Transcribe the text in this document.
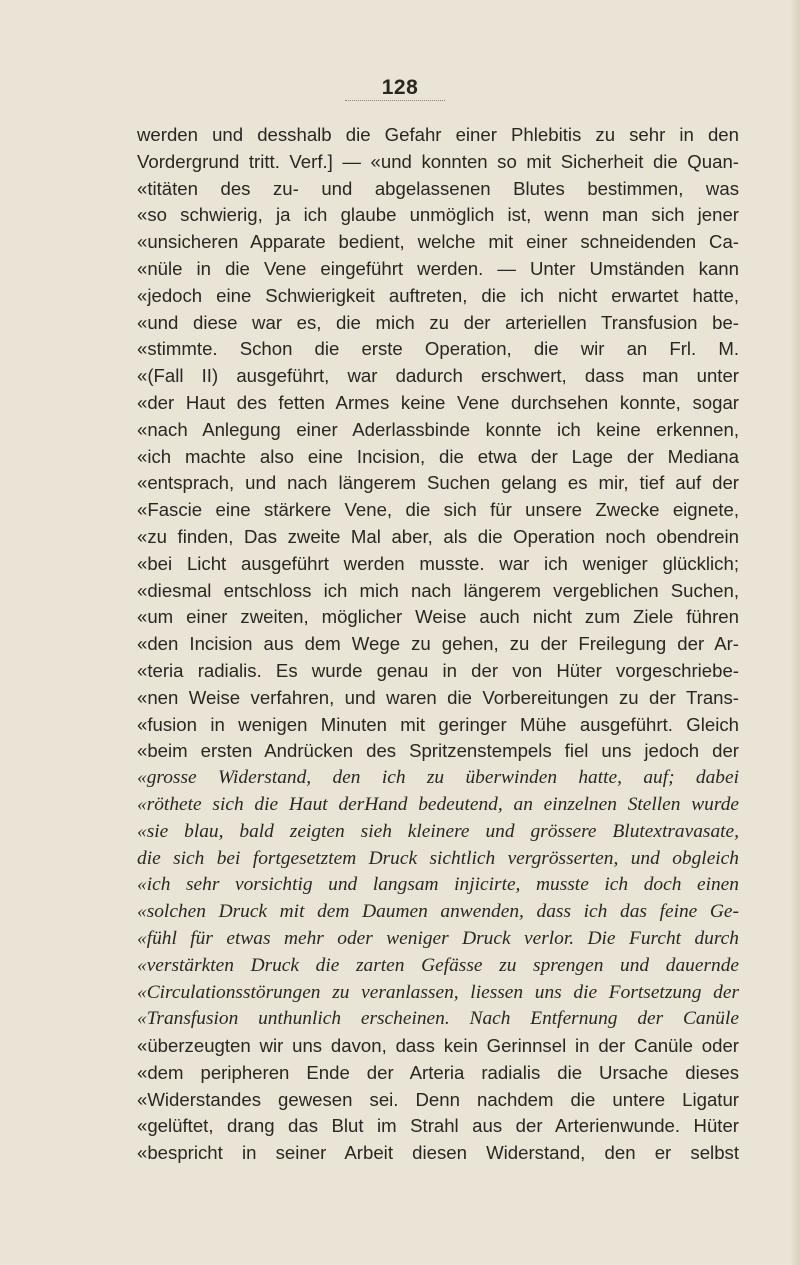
128
werden und desshalb die Gefahr einer Phlebitis zu sehr in den
Vordergrund tritt. Verf.] — «und konnten so mit Sicherheit die Quan-
«titäten des zu- und abgelassenen Blutes bestimmen, was
«so schwierig, ja ich glaube unmöglich ist, wenn man sich jener
«unsicheren Apparate bedient, welche mit einer schneidenden Ca-
«nüle in die Vene eingeführt werden. — Unter Umständen kann
«jedoch eine Schwierigkeit auftreten, die ich nicht erwartet hatte,
«und diese war es, die mich zu der arteriellen Transfusion be-
«stimmte. Schon die erste Operation, die wir an Frl. M.
«(Fall II) ausgeführt, war dadurch erschwert, dass man unter
«der Haut des fetten Armes keine Vene durchsehen konnte, sogar
«nach Anlegung einer Aderlassbinde konnte ich keine erkennen,
«ich machte also eine Incision, die etwa der Lage der Mediana
«entsprach, und nach längerem Suchen gelang es mir, tief auf der
«Fascie eine stärkere Vene, die sich für unsere Zwecke eignete,
«zu finden, Das zweite Mal aber, als die Operation noch obendrein
«bei Licht ausgeführt werden musste. war ich weniger glücklich;
«diesmal entschloss ich mich nach längerem vergeblichen Suchen,
«um einer zweiten, möglicher Weise auch nicht zum Ziele führen
«den Incision aus dem Wege zu gehen, zu der Freilegung der Ar-
«teria radialis. Es wurde genau in der von Hüter vorgeschriebe-
«nen Weise verfahren, und waren die Vorbereitungen zu der Trans-
«fusion in wenigen Minuten mit geringer Mühe ausgeführt. Gleich
«beim ersten Andrücken des Spritzenstempels fiel uns jedoch der
«grosse Widerstand, den ich zu überwinden hatte, auf; dabei
«röthete sich die Haut derHand bedeutend, an einzelnen Stellen wurde
«sie blau, bald zeigten sieh kleinere und grössere Blutextravasate,
die sich bei fortgesetztem Druck sichtlich vergrösserten, und obgleich
«ich sehr vorsichtig und langsam injicirte, musste ich doch einen
«solchen Druck mit dem Daumen anwenden, dass ich das feine Ge-
«fühl für etwas mehr oder weniger Druck verlor. Die Furcht durch
«verstärkten Druck die zarten Gefässe zu sprengen und dauernde
«Circulationsstörungen zu veranlassen, liessen uns die Fortsetzung der
«Transfusion unthunlich erscheinen. Nach Entfernung der Canüle
«überzeugten wir uns davon, dass kein Gerinnsel in der Canüle oder
«dem peripheren Ende der Arteria radialis die Ursache dieses
«Widerstandes gewesen sei. Denn nachdem die untere Ligatur
«gelüftet, drang das Blut im Strahl aus der Arterienwunde. Hüter
«bespricht in seiner Arbeit diesen Widerstand, den er selbst
